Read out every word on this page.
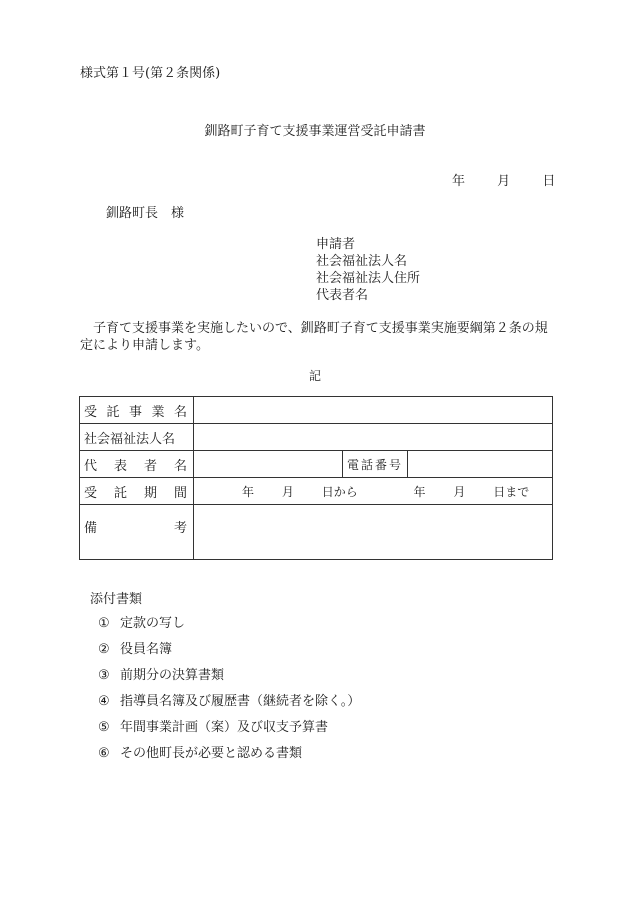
様式第１号(第２条関係)
釧路町子育て支援事業運営受託申請書
年 月 日
釧路町長　様
申請者
社会福祉法人名
社会福祉法人住所
代表者名
　子育て支援事業を実施したいので、釧路町子育て支援事業実施要綱第２条の規定により申請します。
記
受 託 事 業 名			

社会福祉法人名			

代 表 者 名		電話番号	

受 託 期 間	年 月 日から 年 月 日まで		

備 考			

添付書類
① 定款の写し
② 役員名簿
③ 前期分の決算書類
④ 指導員名簿及び履歴書（継続者を除く。）
⑤ 年間事業計画（案）及び収支予算書
⑥ その他町長が必要と認める書類
